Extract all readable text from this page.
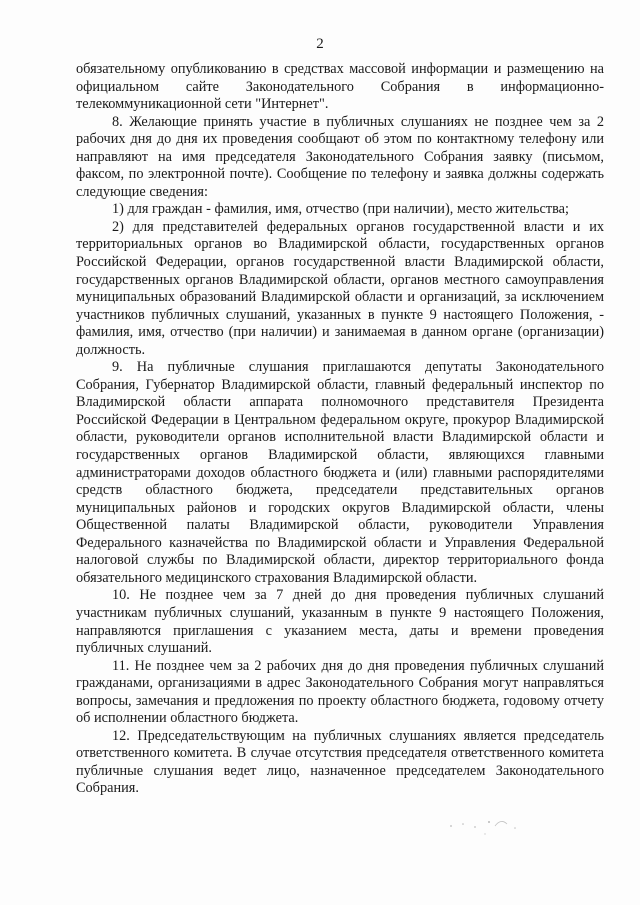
2

обязательному опубликованию в средствах массовой информации и размещению на официальном сайте Законодательного Собрания в информационно-телекоммуникационной сети "Интернет".

8. Желающие принять участие в публичных слушаниях не позднее чем за 2 рабочих дня до дня их проведения сообщают об этом по контактному телефону или направляют на имя председателя Законодательного Собрания заявку (письмом, факсом, по электронной почте). Сообщение по телефону и заявка должны содержать следующие сведения:

1) для граждан - фамилия, имя, отчество (при наличии), место жительства;

2) для представителей федеральных органов государственной власти и их территориальных органов во Владимирской области, государственных органов Российской Федерации, органов государственной власти Владимирской области, государственных органов Владимирской области, органов местного самоуправления муниципальных образований Владимирской области и организаций, за исключением участников публичных слушаний, указанных в пункте 9 настоящего Положения, - фамилия, имя, отчество (при наличии) и занимаемая в данном органе (организации) должность.

9. На публичные слушания приглашаются депутаты Законодательного Собрания, Губернатор Владимирской области, главный федеральный инспектор по Владимирской области аппарата полномочного представителя Президента Российской Федерации в Центральном федеральном округе, прокурор Владимирской области, руководители органов исполнительной власти Владимирской области и государственных органов Владимирской области, являющихся главными администраторами доходов областного бюджета и (или) главными распорядителями средств областного бюджета, председатели представительных органов муниципальных районов и городских округов Владимирской области, члены Общественной палаты Владимирской области, руководители Управления Федерального казначейства по Владимирской области и Управления Федеральной налоговой службы по Владимирской области, директор территориального фонда обязательного медицинского страхования Владимирской области.

10. Не позднее чем за 7 дней до дня проведения публичных слушаний участникам публичных слушаний, указанным в пункте 9 настоящего Положения, направляются приглашения с указанием места, даты и времени проведения публичных слушаний.

11. Не позднее чем за 2 рабочих дня до дня проведения публичных слушаний гражданами, организациями в адрес Законодательного Собрания могут направляться вопросы, замечания и предложения по проекту областного бюджета, годовому отчету об исполнении областного бюджета.

12. Председательствующим на публичных слушаниях является председатель ответственного комитета. В случае отсутствия председателя ответственного комитета публичные слушания ведет лицо, назначенное председателем Законодательного Собрания.
